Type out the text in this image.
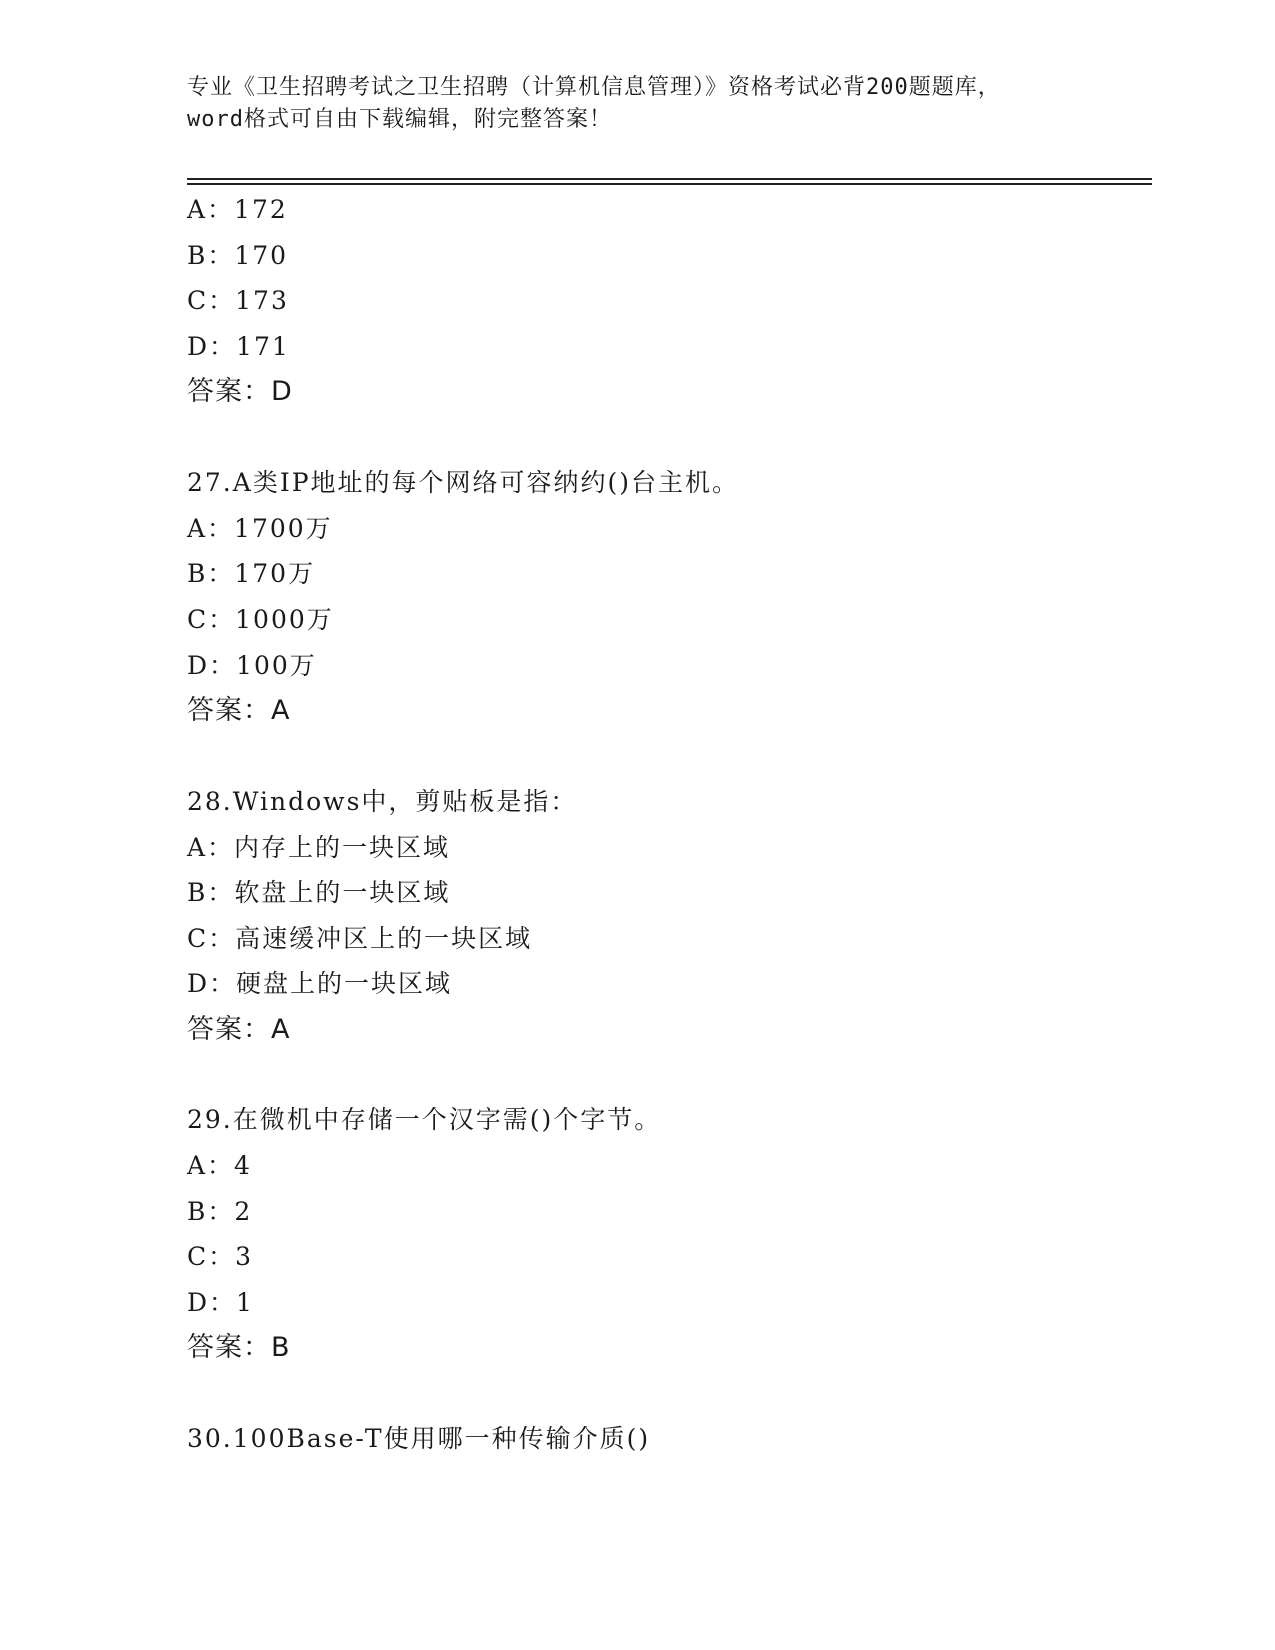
专业《卫生招聘考试之卫生招聘（计算机信息管理）》资格考试必背200题题库，
word格式可自由下载编辑，附完整答案！
A：172
B：170
C：173
D：171
答案：D
27.A类IP地址的每个网络可容纳约()台主机。
A：1700万
B：170万
C：1000万
D：100万
答案：A
28.Windows中，剪贴板是指：
A：内存上的一块区域
B：软盘上的一块区域
C：高速缓冲区上的一块区域
D：硬盘上的一块区域
答案：A
29.在微机中存储一个汉字需()个字节。
A：4
B：2
C：3
D：1
答案：B
30.100Base-T使用哪一种传输介质()
